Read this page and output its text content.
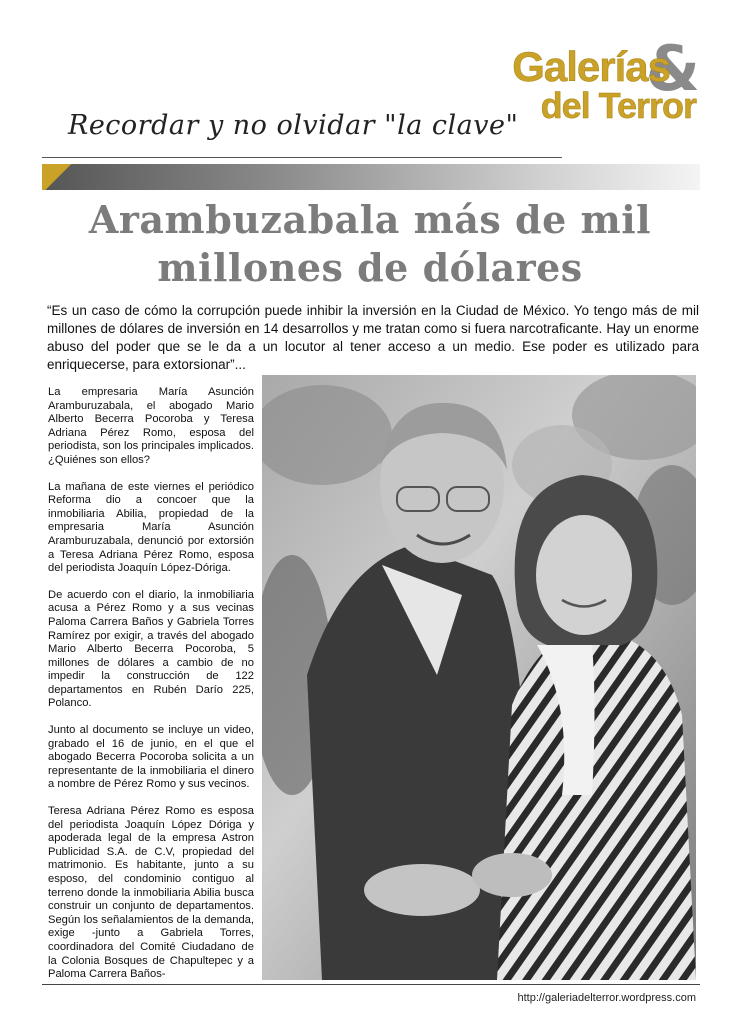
&
Galerías
del Terror
Recordar y no olvidar "la clave"
Arambuzabala más de mil
millones de dólares
“Es un caso de cómo la corrupción puede inhibir la inversión en la Ciudad de México. Yo tengo más de mil millones de dólares de inversión en 14 desarrollos y me tratan como si fuera narcotraficante. Hay un enorme abuso del poder que se le da a un locutor al tener acceso a un medio. Ese poder es utilizado para enriquecerse, para extorsionar”...

La empresaria María Asunción Aramburuzabala, el abogado Mario Alberto Becerra Pocoroba y Teresa Adriana Pérez Romo, esposa del periodista, son los principales implicados. ¿Quiénes son ellos?

La mañana de este viernes el periódico Reforma dio a concoer que la inmobiliaria Abilia, propiedad de la empresaria María Asunción Aramburuzabala, denunció por extorsión a Teresa Adriana Pérez Romo, esposa del periodista Joaquín López-Dóriga.

De acuerdo con el diario, la inmobiliaria acusa a Pérez Romo y a sus vecinas Paloma Carrera Baños y Gabriela Torres Ramírez por exigir, a través del abogado Mario Alberto Becerra Pocoroba, 5 millones de dólares a cambio de no impedir la construcción de 122 departamentos en Rubén Darío 225, Polanco.

Junto al documento se incluye un video, grabado el 16 de junio, en el que el abogado Becerra Pocoroba solicita a un representante de la inmobiliaria el dinero a nombre de Pérez Romo y sus vecinos.

Teresa Adriana Pérez Romo es esposa del periodista Joaquín López Dóriga y apoderada legal de la empresa Astron Publicidad S.A. de C.V, propiedad del matrimonio. Es habitante, junto a su esposo, del condominio contiguo al terreno donde la inmobiliaria Abilia busca construir un conjunto de departamentos. Según los señalamientos de la demanda, exige -junto a Gabriela Torres, coordinadora del Comité Ciudadano de la Colonia Bosques de Chapultepec y a Paloma Carrera Baños-

http://galeriadelterror.wordpress.com
